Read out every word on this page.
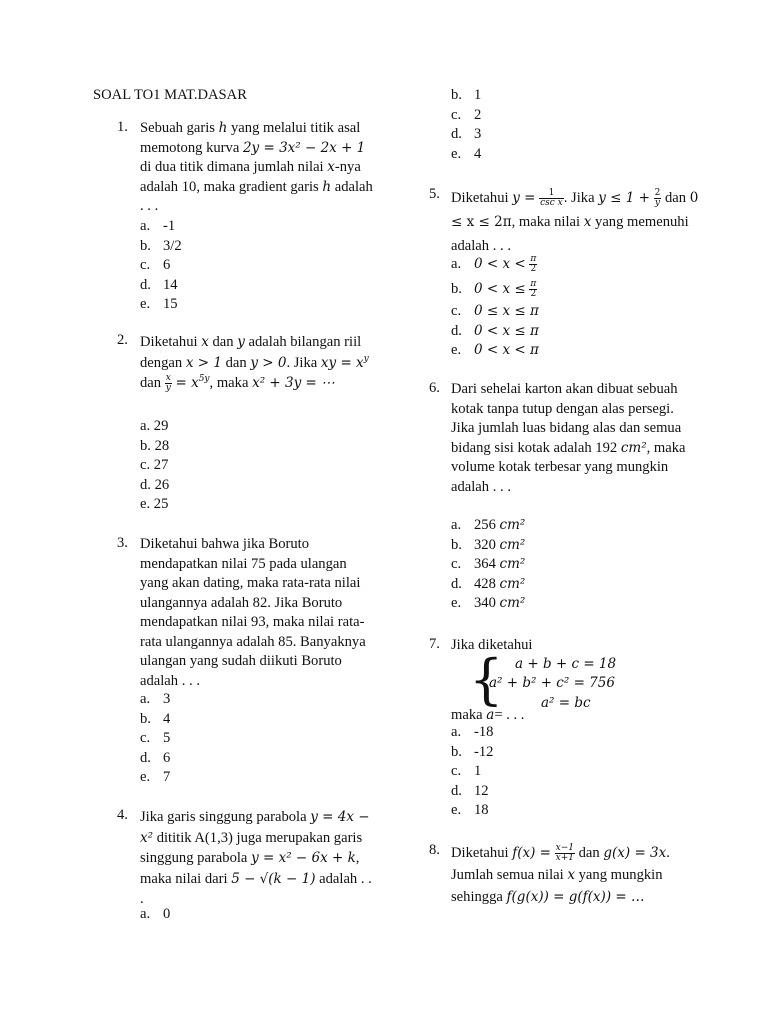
SOAL TO1 MAT.DASAR
1. Sebuah garis h yang melalui titik asal memotong kurva 2y = 3x² − 2x + 1 di dua titik dimana jumlah nilai x-nya adalah 10, maka gradient garis h adalah . . .
a. -1
b. 3/2
c. 6
d. 14
e. 15
2. Diketahui x dan y adalah bilangan riil dengan x > 1 dan y > 0. Jika xy = $x^y$ dan $\frac{x}{y} = x^{5y}$, maka x² + 3y = ⋯
a. 29
b. 28
c. 27
d. 26
e. 25
3. Diketahui bahwa jika Boruto mendapatkan nilai 75 pada ulangan yang akan dating, maka rata-rata nilai ulangannya adalah 82. Jika Boruto mendapatkan nilai 93, maka nilai rata-rata ulangannya adalah 85. Banyaknya ulangan yang sudah diikuti Boruto adalah . . .
a. 3
b. 4
c. 5
d. 6
e. 7
4. Jika garis singgung parabola y = 4x − x² dititik A(1,3) juga merupakan garis singgung parabola y = x² − 6x + k, maka nilai dari 5 − √(k − 1) adalah . . .
a. 0
b. 1
c. 2
d. 3
e. 4
5. Diketahui $y = \frac{1}{\text{csc x}}$ . Jika $y \le 1 + \frac{2}{y}$ dan 0 ≤ x ≤ 2π, maka nilai x yang memenuhi adalah . . .
a. $0 < x < \frac{\pi}{2}$
b. $0 < x \le \frac{\pi}{2}$
c. 0 ≤ x ≤ π
d. 0 < x ≤ π
e. 0 < x < π
6. Dari sehelai karton akan dibuat sebuah kotak tanpa tutup dengan alas persegi. Jika jumlah luas bidang alas dan semua bidang sisi kotak adalah 192 cm², maka volume kotak terbesar yang mungkin adalah . . .
a. 256 cm²
b. 320 cm²
c. 364 cm²
d. 428 cm²
e. 340 cm²
7. Jika diketahui
{ a + b + c = 18
a² + b² + c² = 756
a² = bc
maka a= . . .
a. -18
b. -12
c. 1
d. 12
e. 18
8. Diketahui $f(x) = \frac{x-1}{x+1}$ dan g(x) = 3x. Jumlah semua nilai x yang mungkin sehingga f(g(x)) = g(f(x)) = …
